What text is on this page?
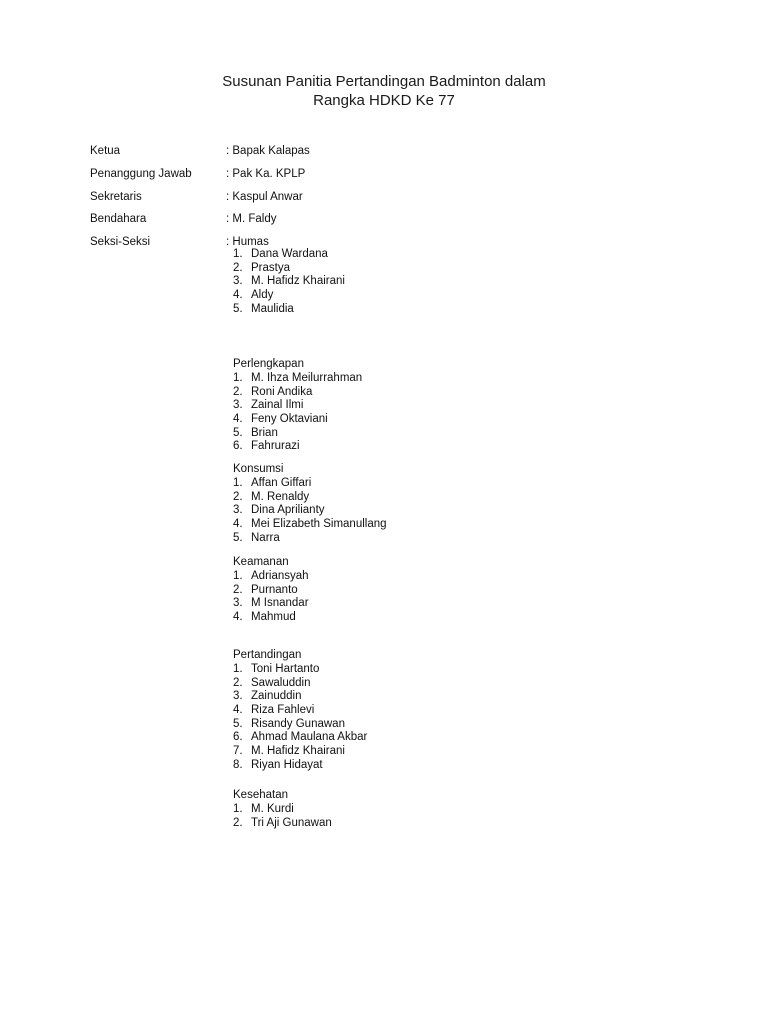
Susunan Panitia Pertandingan Badminton dalam
Rangka HDKD Ke 77
Ketua	: Bapak Kalapas
Penanggung Jawab	: Pak Ka. KPLP
Sekretaris	: Kaspul Anwar
Bendahara	: M. Faldy
Seksi-Seksi	: Humas
1. Dana Wardana
2. Prastya
3. M. Hafidz Khairani
4. Aldy
5. Maulidia
Perlengkapan
1. M. Ihza Meilurrahman
2. Roni Andika
3. Zainal Ilmi
4. Feny Oktaviani
5. Brian
6. Fahrurazi
Konsumsi
1. Affan Giffari
2. M. Renaldy
3. Dina Aprilianty
4. Mei Elizabeth Simanullang
5. Narra
Keamanan
1. Adriansyah
2. Purnanto
3. M Isnandar
4. Mahmud
Pertandingan
1. Toni Hartanto
2. Sawaluddin
3. Zainuddin
4. Riza Fahlevi
5. Risandy Gunawan
6. Ahmad Maulana Akbar
7. M. Hafidz Khairani
8. Riyan Hidayat
Kesehatan
1. M. Kurdi
2. Tri Aji Gunawan
